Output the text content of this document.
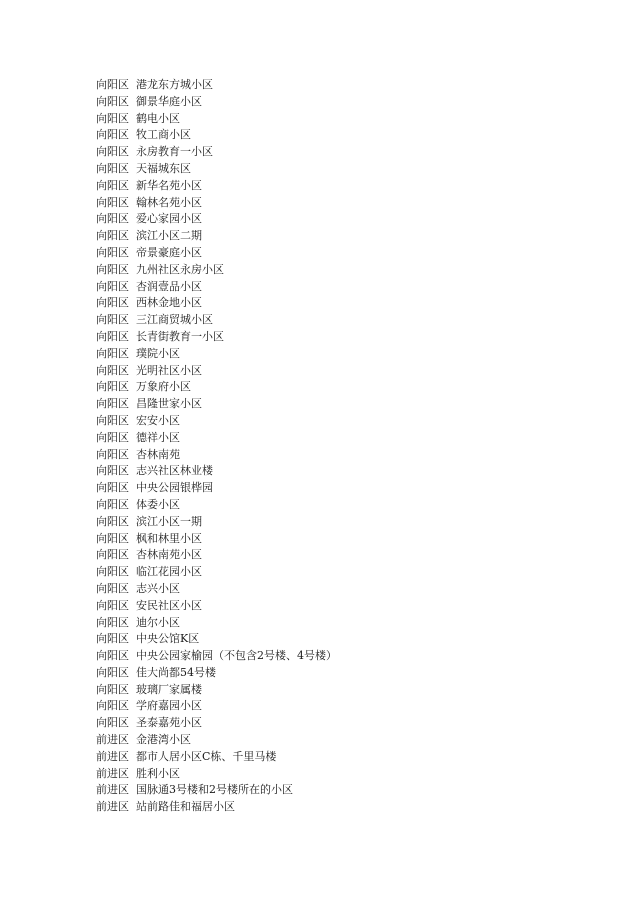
向阳区 港龙东方城小区
向阳区 御景华庭小区
向阳区 鹤电小区
向阳区 牧工商小区
向阳区 永房教育一小区
向阳区 天福城东区
向阳区 新华名苑小区
向阳区 翰林名苑小区
向阳区 爱心家园小区
向阳区 滨江小区二期
向阳区 帝景豪庭小区
向阳区 九州社区永房小区
向阳区 杏润壹品小区
向阳区 西林金地小区
向阳区 三江商贸城小区
向阳区 长青街教育一小区
向阳区 璞院小区
向阳区 光明社区小区
向阳区 万象府小区
向阳区 昌隆世家小区
向阳区 宏安小区
向阳区 德祥小区
向阳区 杏林南苑
向阳区 志兴社区林业楼
向阳区 中央公园银桦园
向阳区 体委小区
向阳区 滨江小区一期
向阳区 枫和林里小区
向阳区 杏林南苑小区
向阳区 临江花园小区
向阳区 志兴小区
向阳区 安民社区小区
向阳区 迪尔小区
向阳区 中央公馆K区
向阳区 中央公园家榆园（不包含2号楼、4号楼）
向阳区 佳大尚都54号楼
向阳区 玻璃厂家属楼
向阳区 学府嘉园小区
向阳区 圣泰嘉苑小区
前进区 金港湾小区
前进区 都市人居小区C栋、千里马楼
前进区 胜利小区
前进区 国脉通3号楼和2号楼所在的小区
前进区 站前路佳和福居小区
